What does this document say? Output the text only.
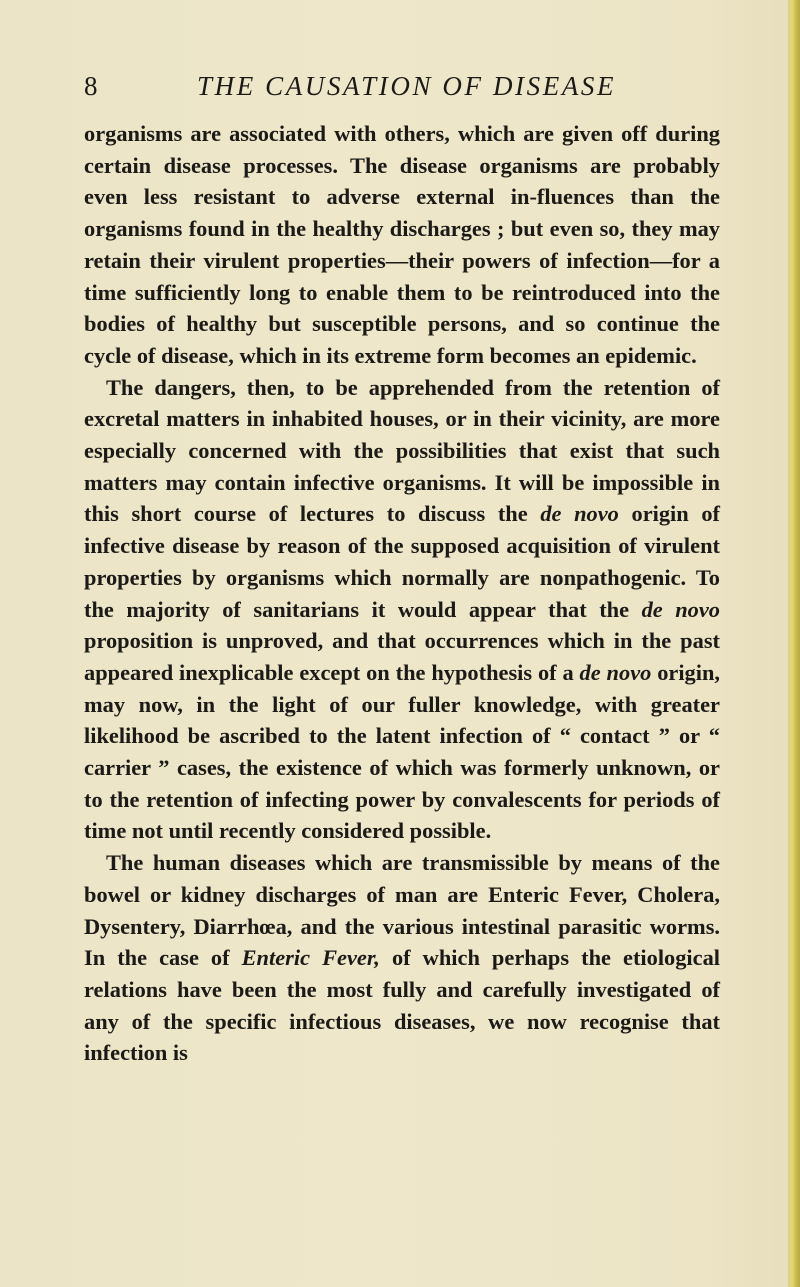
8	THE CAUSATION OF DISEASE

organisms are associated with others, which are given off during certain disease processes. The disease organisms are probably even less resistant to adverse external in-fluences than the organisms found in the healthy discharges ; but even so, they may retain their virulent properties—their powers of infection—for a time sufficiently long to enable them to be reintroduced into the bodies of healthy but susceptible persons, and so continue the cycle of disease, which in its extreme form becomes an epidemic.

The dangers, then, to be apprehended from the retention of excretal matters in inhabited houses, or in their vicinity, are more especially concerned with the possibilities that exist that such matters may contain infective organisms. It will be impossible in this short course of lectures to discuss the de novo origin of infective disease by reason of the supposed acquisition of virulent properties by organisms which normally are nonpathogenic. To the majority of sanitarians it would appear that the de novo proposition is unproved, and that occurrences which in the past appeared inexplicable except on the hypothesis of a de novo origin, may now, in the light of our fuller knowledge, with greater likelihood be ascribed to the latent infection of “ contact ” or “ carrier ” cases, the existence of which was formerly unknown, or to the retention of infecting power by convalescents for periods of time not until recently considered possible.

The human diseases which are transmissible by means of the bowel or kidney discharges of man are Enteric Fever, Cholera, Dysentery, Diarrhœa, and the various intestinal parasitic worms. In the case of Enteric Fever, of which perhaps the etiological relations have been the most fully and carefully investigated of any of the specific infectious diseases, we now recognise that infection is
